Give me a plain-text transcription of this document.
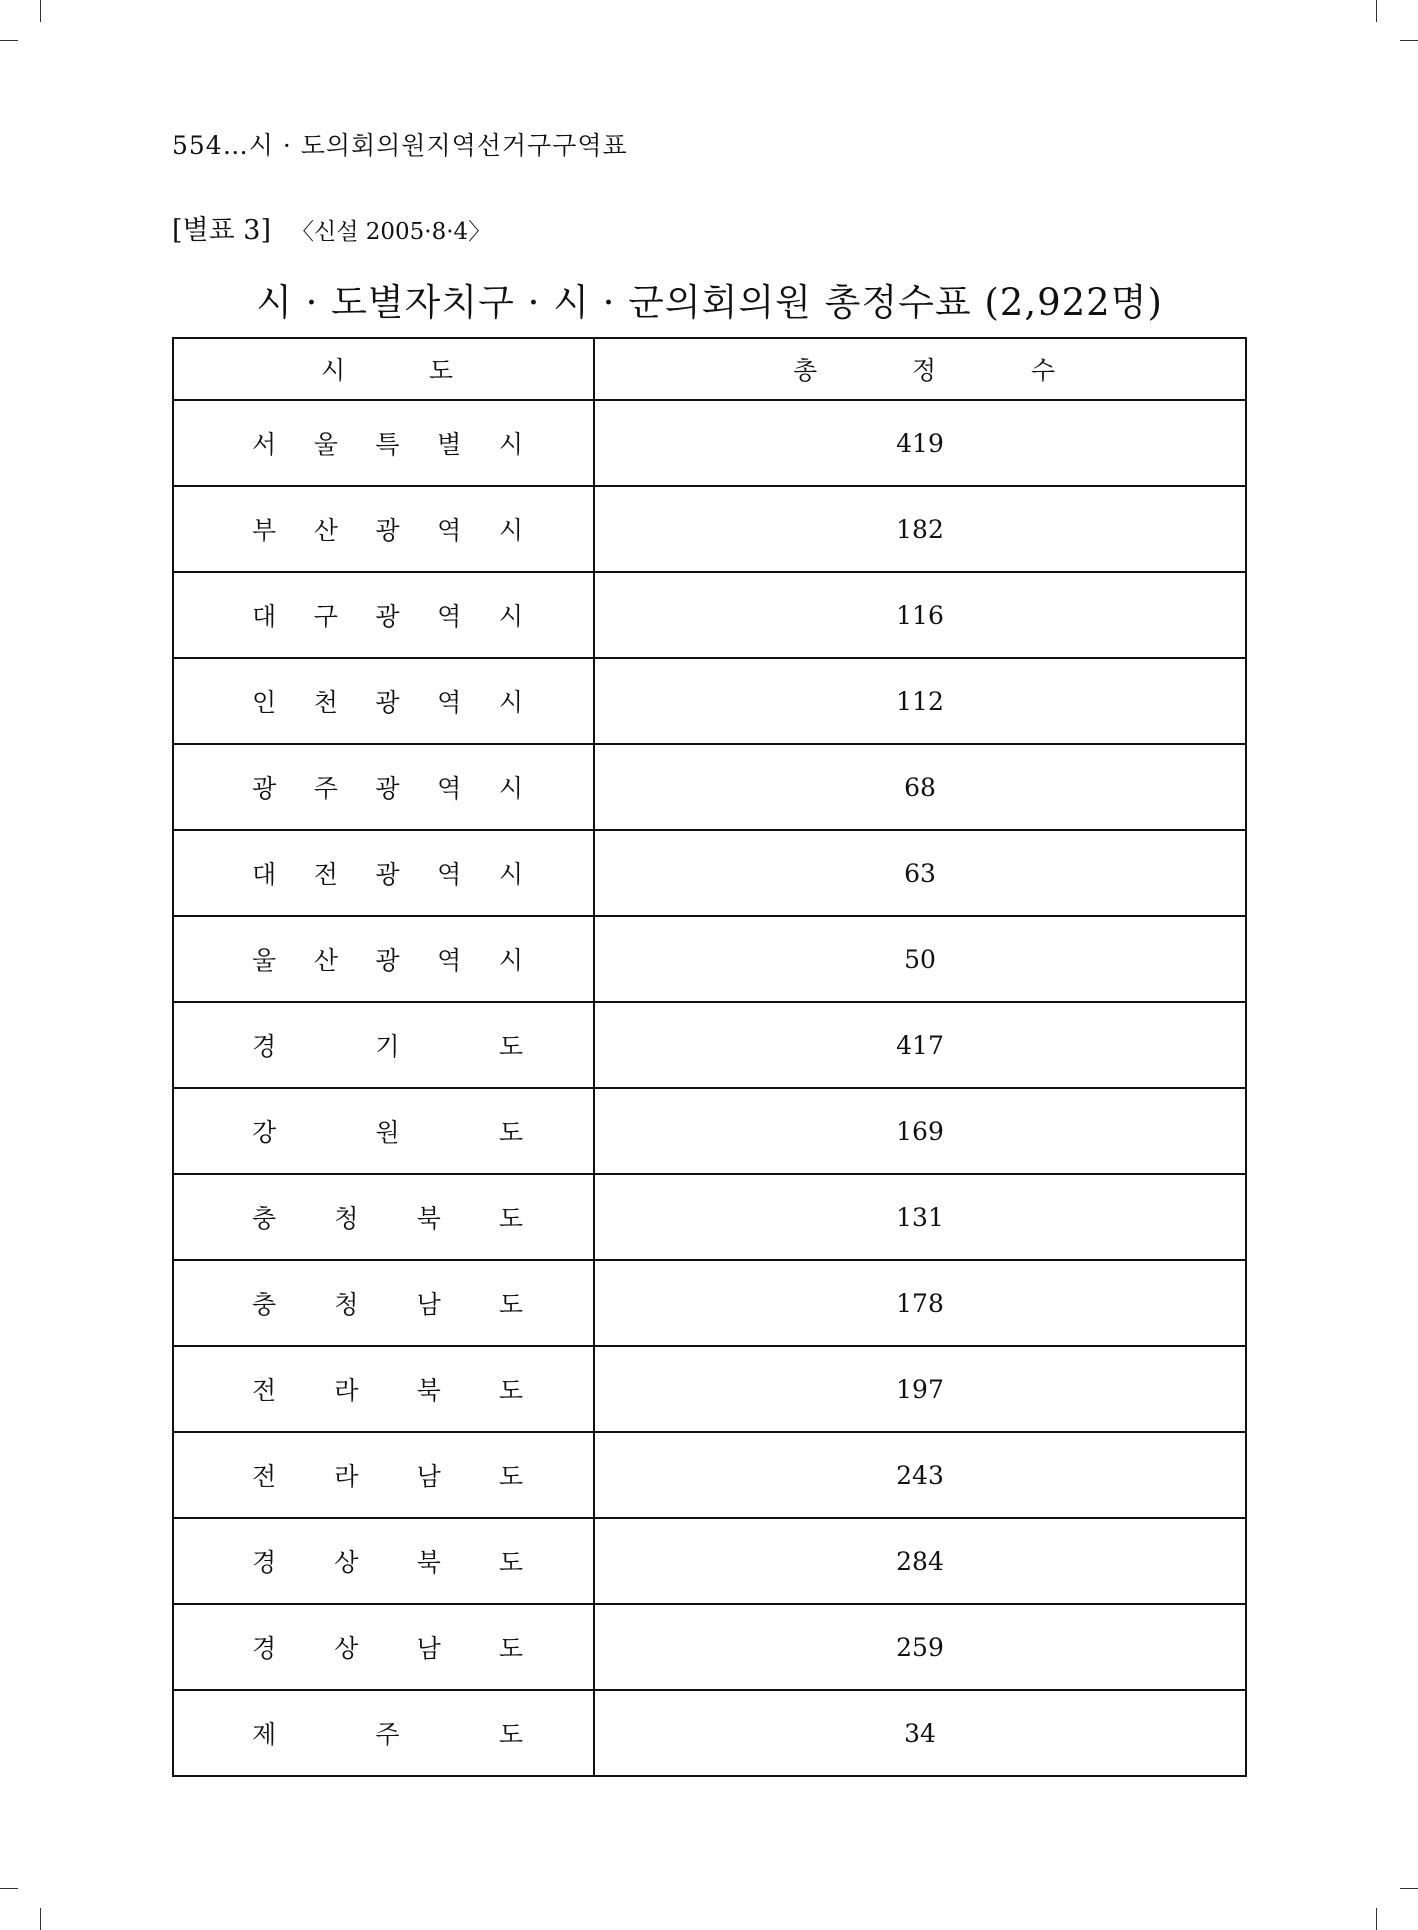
554…시 · 도의회의원지역선거구구역표
[별표 3] 〈신설 2005·8·4〉
시 · 도별자치구 · 시 · 군의회의원 총정수표 (2,922명)
시 도	총 정 수

서 울 특 별 시	419

부 산 광 역 시	182

대 구 광 역 시	116

인 천 광 역 시	112

광 주 광 역 시	68

대 전 광 역 시	63

울 산 광 역 시	50

경 기 도	417

강 원 도	169

충 청 북 도	131

충 청 남 도	178

전 라 북 도	197

전 라 남 도	243

경 상 북 도	284

경 상 남 도	259

제 주 도	34
